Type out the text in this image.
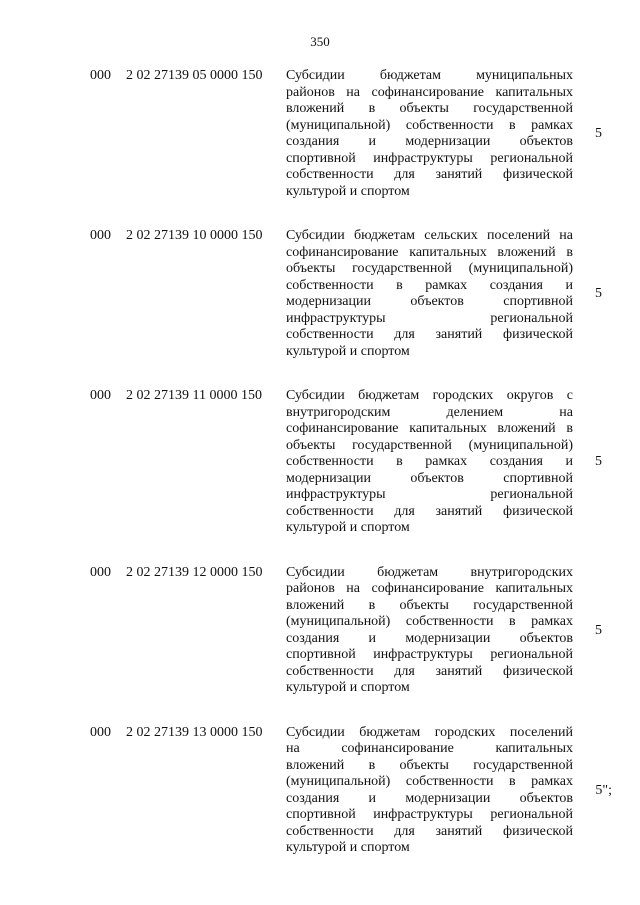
350
000 2 02 27139 05 0000 150 Субсидии бюджетам муниципальных
районов на софинансирование капитальных
вложений в объекты государственной
(муниципальной) собственности в рамках
создания и модернизации объектов
спортивной инфраструктуры региональной
собственности для занятий физической
культурой и спортом
5
000 2 02 27139 10 0000 150 Субсидии бюджетам сельских поселений на
софинансирование капитальных вложений в
объекты государственной (муниципальной)
собственности в рамках создания и
модернизации объектов спортивной
инфраструктуры региональной
собственности для занятий физической
культурой и спортом
5
000 2 02 27139 11 0000 150 Субсидии бюджетам городских округов с
внутригородским делением на
софинансирование капитальных вложений в
объекты государственной (муниципальной)
собственности в рамках создания и
модернизации объектов спортивной
инфраструктуры региональной
собственности для занятий физической
культурой и спортом
5
000 2 02 27139 12 0000 150 Субсидии бюджетам внутригородских
районов на софинансирование капитальных
вложений в объекты государственной
(муниципальной) собственности в рамках
создания и модернизации объектов
спортивной инфраструктуры региональной
собственности для занятий физической
культурой и спортом
5
000 2 02 27139 13 0000 150 Субсидии бюджетам городских поселений
на софинансирование капитальных
вложений в объекты государственной
(муниципальной) собственности в рамках
создания и модернизации объектов
спортивной инфраструктуры региональной
собственности для занятий физической
культурой и спортом
5";
